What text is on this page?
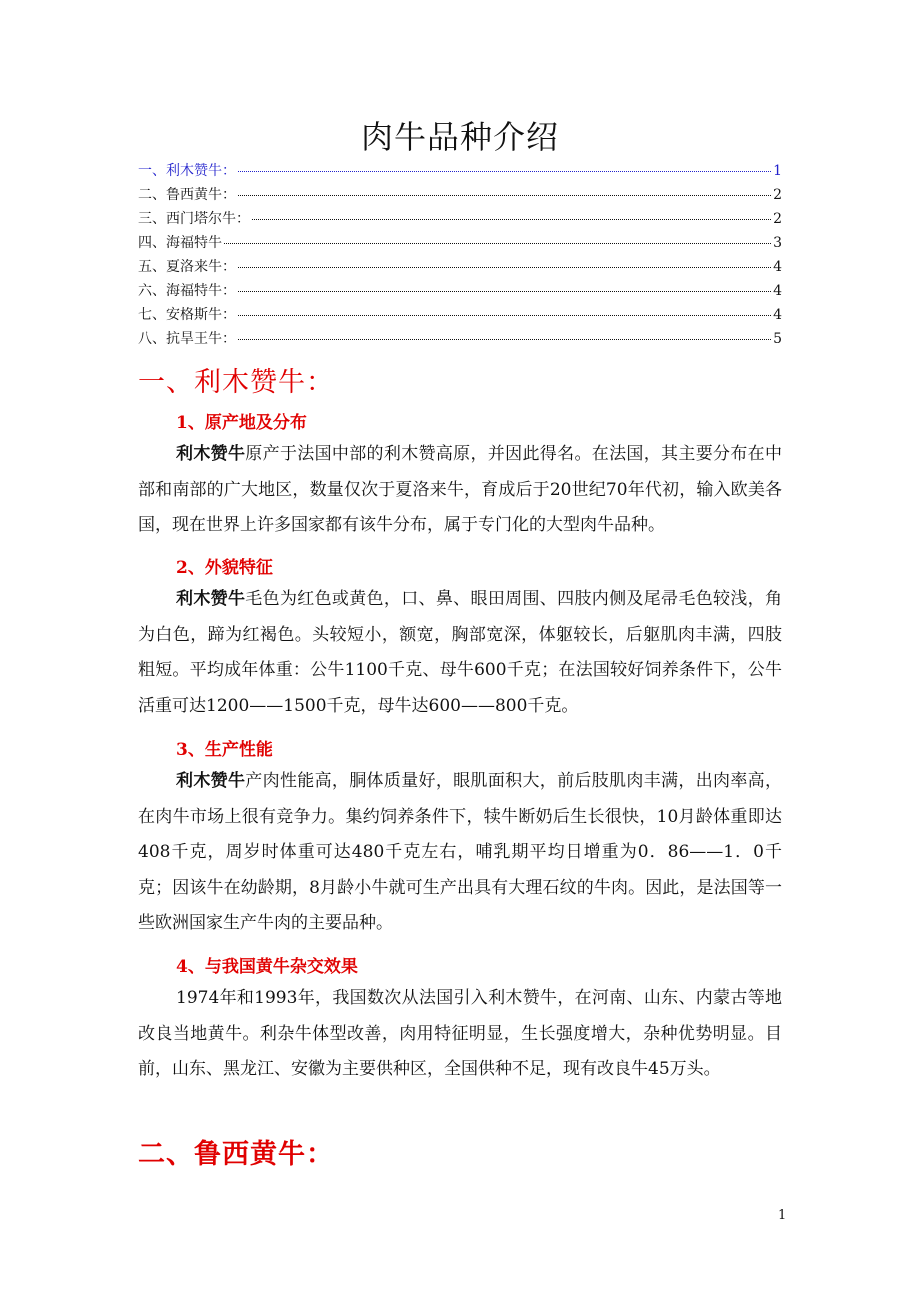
肉牛品种介绍
一、利木赞牛：	1
二、鲁西黄牛：	2
三、西门塔尔牛：	2
四、海福特牛	3
五、夏洛来牛：	4
六、海福特牛：	4
七、安格斯牛：	4
八、抗旱王牛：	5
一、利木赞牛：
1、原产地及分布

利木赞牛原产于法国中部的利木赞高原，并因此得名。在法国，其主要分布在中部和南部的广大地区，数量仅次于夏洛来牛，育成后于20世纪70年代初，输入欧美各国，现在世界上许多国家都有该牛分布，属于专门化的大型肉牛品种。

2、外貌特征

利木赞牛毛色为红色或黄色，口、鼻、眼田周围、四肢内侧及尾帚毛色较浅，角为白色，蹄为红褐色。头较短小，额宽，胸部宽深，体躯较长，后躯肌肉丰满，四肢粗短。平均成年体重：公牛1100千克、母牛600千克；在法国较好饲养条件下，公牛活重可达1200——1500千克，母牛达600——800千克。

3、生产性能

利木赞牛产肉性能高，胴体质量好，眼肌面积大，前后肢肌肉丰满，出肉率高，在肉牛市场上很有竞争力。集约饲养条件下，犊牛断奶后生长很快，10月龄体重即达408千克，周岁时体重可达480千克左右，哺乳期平均日增重为0．86——1．0千克；因该牛在幼龄期，8月龄小牛就可生产出具有大理石纹的牛肉。因此，是法国等一些欧洲国家生产牛肉的主要品种。

4、与我国黄牛杂交效果

1974年和1993年，我国数次从法国引入利木赞牛，在河南、山东、内蒙古等地改良当地黄牛。利杂牛体型改善，肉用特征明显，生长强度增大，杂种优势明显。目前，山东、黑龙江、安徽为主要供种区，全国供种不足，现有改良牛45万头。

二、鲁西黄牛：
1
